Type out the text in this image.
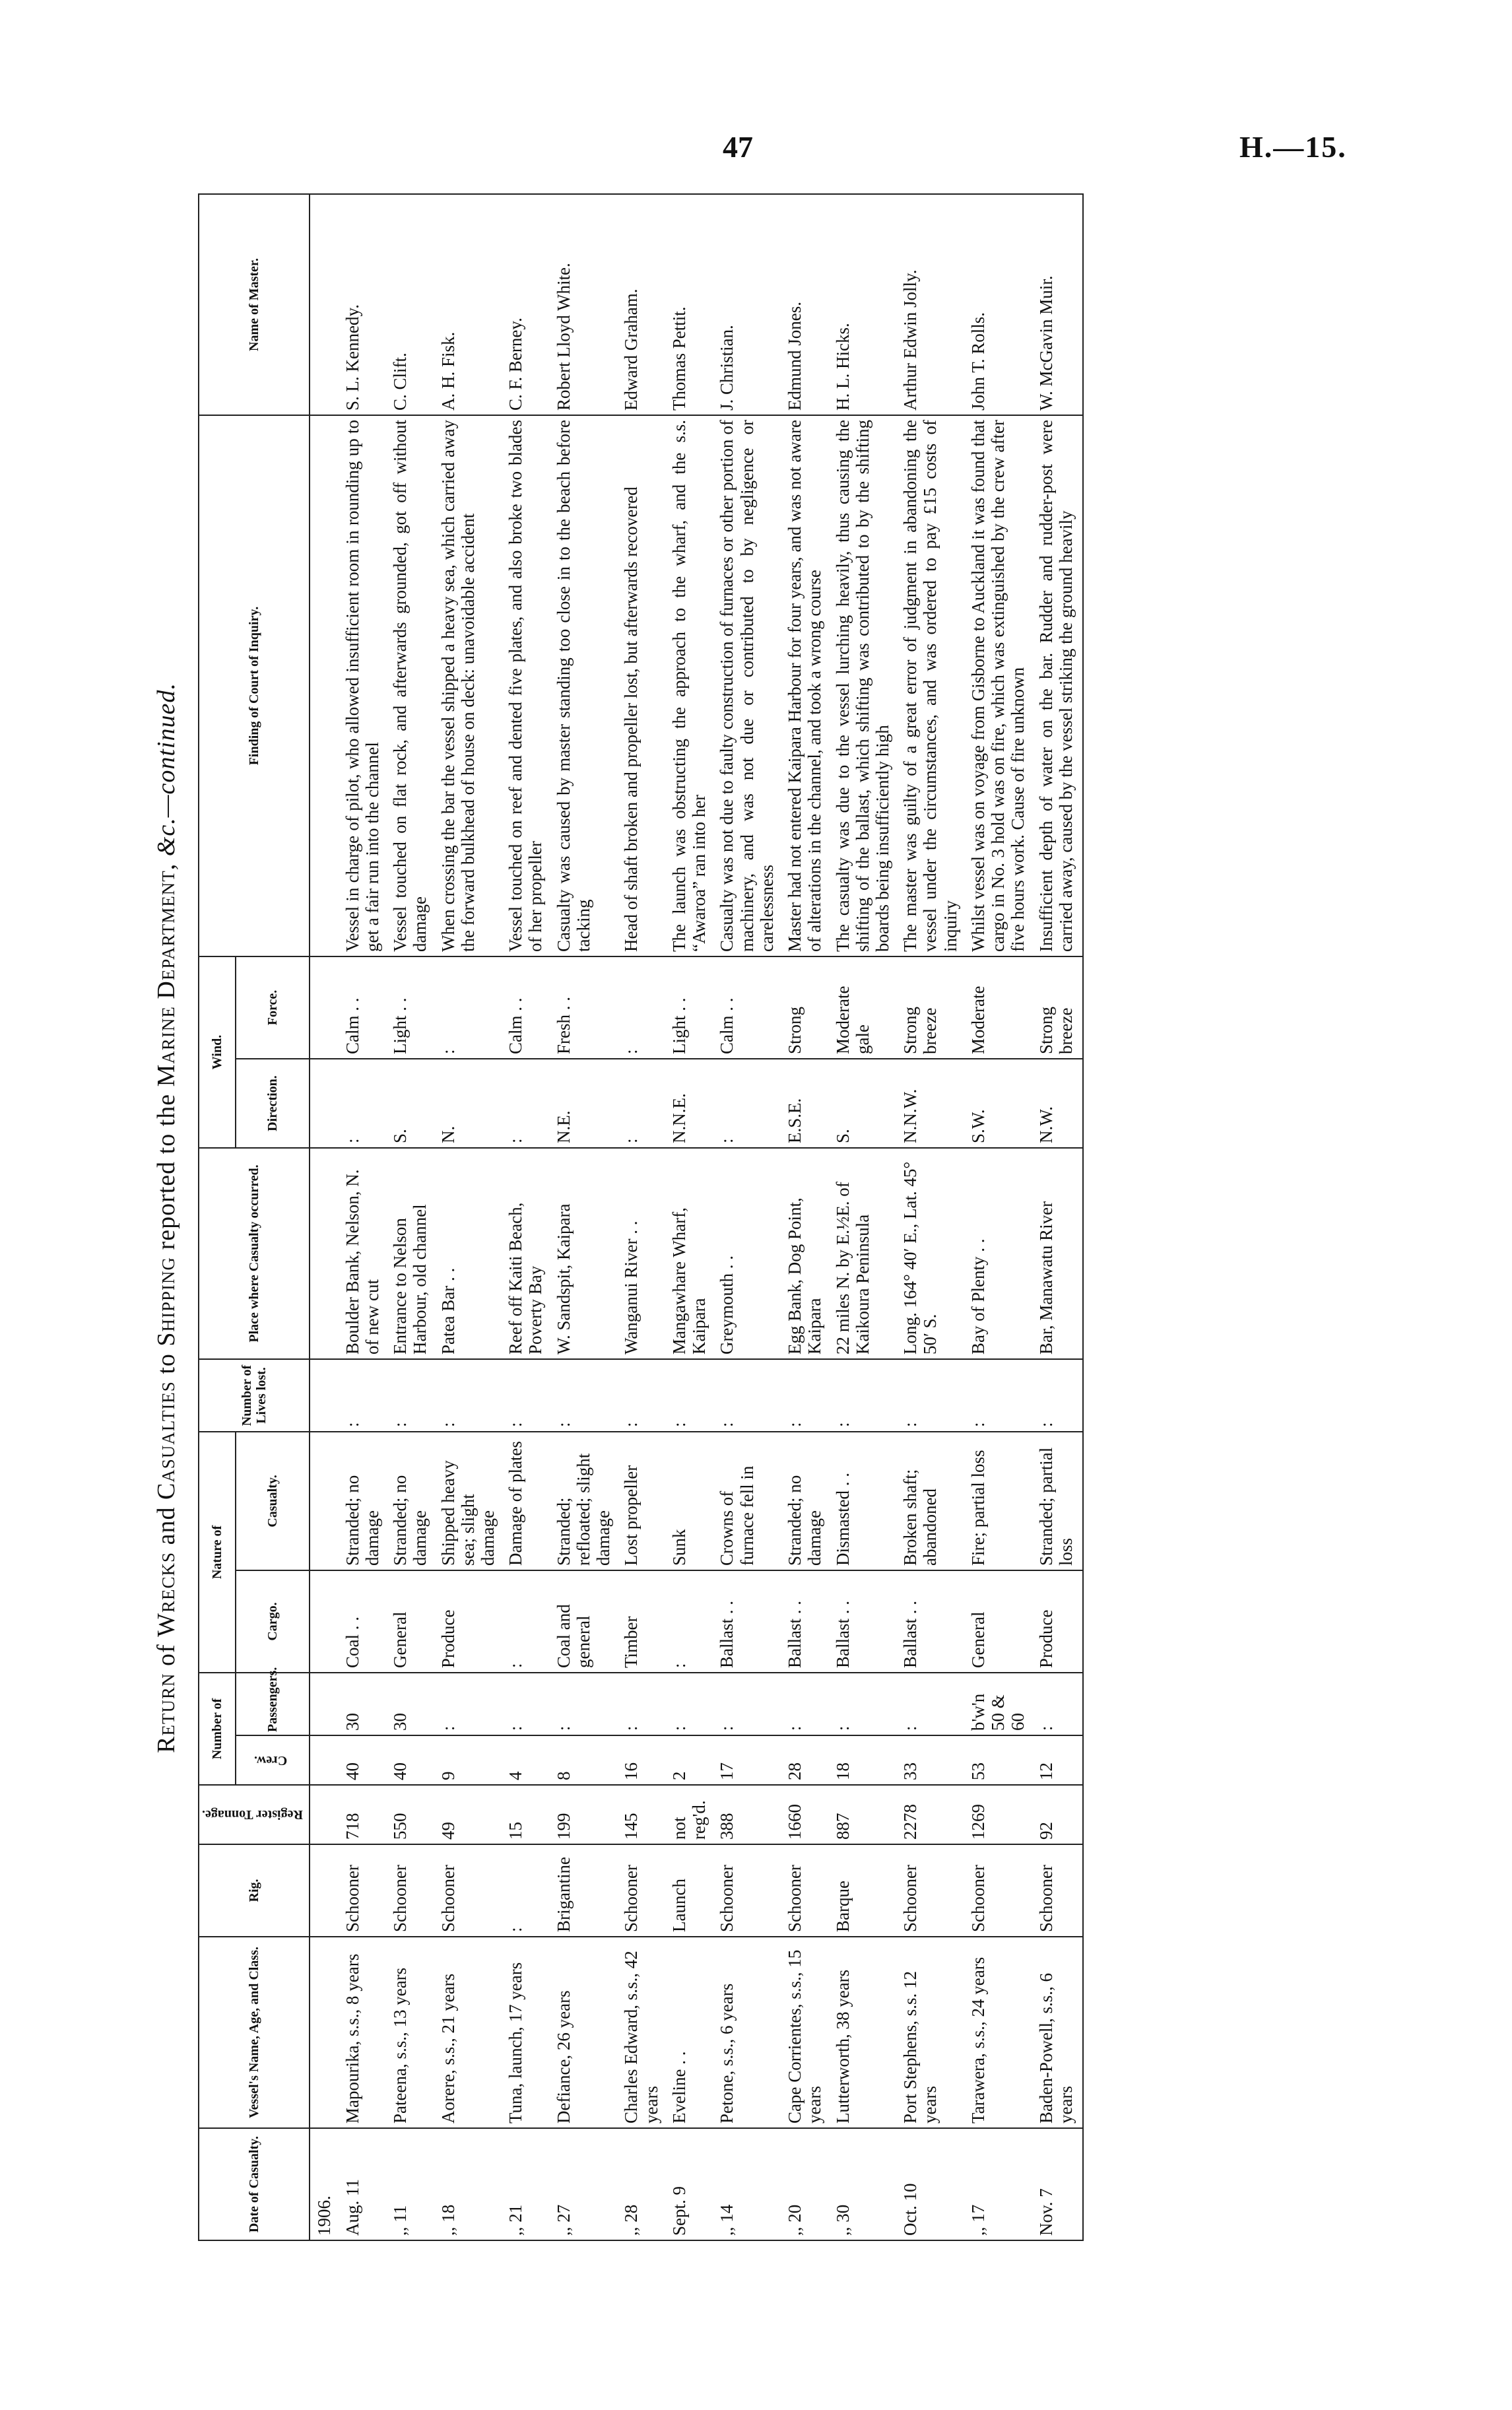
47	H.—15.
Return of Wrecks and Casualties to Shipping reported to the Marine Department, &c.—continued.
Date of Casualty.	Vessel's Name, Age, and Class.	Rig.	Register Tonnage.	Number of		Nature of		Number of Lives lost.	Place where Casualty occurred.	Wind.		Finding of Court of Inquiry.	Name of Master.
				Crew.	Passengers.	Cargo.	Casualty.			Direction.	Force.		
1906.													
Aug. 11	Mapourika, s.s., 8 years	Schooner	718	40	30	Coal . .	Stranded; no damage	:	Boulder Bank, Nelson, N. of new cut	:	Calm . .	Vessel in charge of pilot, who allowed insufficient room in rounding up to get a fair run into the channel	S. L. Kennedy.
,, 11	Pateena, s.s., 13 years	Schooner	550	40	30	General	Stranded; no damage	:	Entrance to Nelson Harbour, old channel	S.	Light . .	Vessel touched on flat rock, and afterwards grounded, got off without damage	C. Clift.
,, 18	Aorere, s.s., 21 years	Schooner	49	9	:	Produce	Shipped heavy sea; slight damage	:	Patea Bar . .	N.	:	When crossing the bar the vessel shipped a heavy sea, which carried away the forward bulkhead of house on deck: unavoidable accident	A. H. Fisk.
,, 21	Tuna, launch, 17 years	:	15	4	:	:	Damage of plates	:	Reef off Kaiti Beach, Poverty Bay	:	Calm . .	Vessel touched on reef and dented five plates, and also broke two blades of her propeller	C. F. Berney.
,, 27	Defiance, 26 years	Brigantine	199	8	:	Coal and general	Stranded; refloated; slight damage	:	W. Sandspit, Kaipara	N.E.	Fresh . .	Casualty was caused by master standing too close in to the beach before tacking	Robert Lloyd White.
,, 28	Charles Edward, s.s., 42 years	Schooner	145	16	:	Timber	Lost propeller	:	Wanganui River . .	:	:	Head of shaft broken and propeller lost, but afterwards recovered	Edward Graham.
Sept. 9	Eveline . .	Launch	not reg'd.	2	:	:	Sunk	:	Mangawhare Wharf, Kaipara	N.N.E.	Light . .	The launch was obstructing the approach to the wharf, and the s.s. “Awaroa” ran into her	Thomas Pettit.
,, 14	Petone, s.s., 6 years	Schooner	388	17	:	Ballast . .	Crowns of furnace fell in	:	Greymouth . .	:	Calm . .	Casualty was not due to faulty construction of furnaces or other portion of machinery, and was not due or contributed to by negligence or carelessness	J. Christian.
,, 20	Cape Corrientes, s.s., 15 years	Schooner	1660	28	:	Ballast . .	Stranded; no damage	:	Egg Bank, Dog Point, Kaipara	E.S.E.	Strong	Master had not entered Kaipara Harbour for four years, and was not aware of alterations in the channel, and took a wrong course	Edmund Jones.
,, 30	Lutterworth, 38 years	Barque	887	18	:	Ballast . .	Dismasted . .	:	22 miles N. by E.½E. of Kaikoura Peninsula	S.	Moderate gale	The casualty was due to the vessel lurching heavily, thus causing the shifting of the ballast, which shifting was contributed to by the shifting boards being insufficiently high	H. L. Hicks.
Oct. 10	Port Stephens, s.s. 12 years	Schooner	2278	33	:	Ballast . .	Broken shaft; abandoned	:	Long. 164° 40′ E., Lat. 45° 50′ S.	N.N.W.	Strong breeze	The master was guilty of a great error of judgment in abandoning the vessel under the circumstances, and was ordered to pay £15 costs of inquiry	Arthur Edwin Jolly.
,, 17	Tarawera, s.s., 24 years	Schooner	1269	53	b'w'n 50 & 60	General	Fire; partial loss	:	Bay of Plenty . .	S.W.	Moderate	Whilst vessel was on voyage from Gisborne to Auckland it was found that cargo in No. 3 hold was on fire, which was extinguished by the crew after five hours work. Cause of fire unknown	John T. Rolls.
Nov. 7	Baden-Powell, s.s., 6 years	Schooner	92	12	:	Produce	Stranded; partial loss	:	Bar, Manawatu River	N.W.	Strong breeze	Insufficient depth of water on the bar. Rudder and rudder-post were carried away, caused by the vessel striking the ground heavily	W. McGavin Muir.
